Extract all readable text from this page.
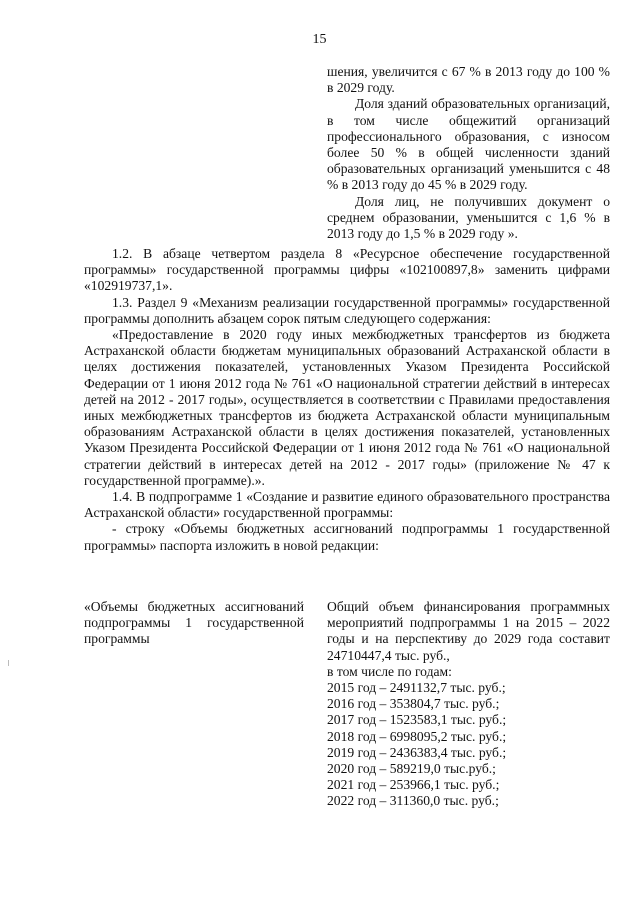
15

шения, увеличится с 67 % в 2013 году до 100 % в 2029 году.

Доля зданий образовательных организаций, в том числе общежитий организаций профессионального образования, с износом более 50 % в общей численности зданий образовательных организаций уменьшится с 48 % в 2013 году до 45 % в 2029 году.

Доля лиц, не получивших документ о среднем образовании, уменьшится с 1,6 % в 2013 году до 1,5 % в 2029 году ».

1.2. В абзаце четвертом раздела 8 «Ресурсное обеспечение государственной программы» государственной программы цифры «102100897,8» заменить цифрами «102919737,1».

1.3. Раздел 9 «Механизм реализации государственной программы» государственной программы дополнить абзацем сорок пятым следующего содержания:

«Предоставление в 2020 году иных межбюджетных трансфертов из бюджета Астраханской области бюджетам муниципальных образований Астраханской области в целях достижения показателей, установленных Указом Президента Российской Федерации от 1 июня 2012 года № 761 «О национальной стратегии действий в интересах детей на 2012 - 2017 годы», осуществляется в соответствии с Правилами предоставления иных межбюджетных трансфертов из бюджета Астраханской области муниципальным образованиям Астраханской области в целях достижения показателей, установленных Указом Президента Российской Федерации от 1 июня 2012 года № 761 «О национальной стратегии действий в интересах детей на 2012 - 2017 годы» (приложение № 47 к государственной программе).».

1.4. В подпрограмме 1 «Создание и развитие единого образовательного пространства Астраханской области» государственной программы:

- строку «Объемы бюджетных ассигнований подпрограммы 1 государственной программы» паспорта изложить в новой редакции:

«Объемы бюджетных ассигнований подпрограммы 1 государственной программы

Общий объем финансирования программных мероприятий подпрограммы 1 на 2015 – 2022 годы и на перспективу до 2029 года составит 24710447,4 тыс. руб.,

в том числе по годам:

2015 год – 2491132,7 тыс. руб.;
2016 год – 353804,7 тыс. руб.;
2017 год – 1523583,1 тыс. руб.;
2018 год – 6998095,2 тыс. руб.;
2019 год – 2436383,4 тыс. руб.;
2020 год – 589219,0 тыс.руб.;
2021 год – 253966,1 тыс. руб.;
2022 год – 311360,0 тыс. руб.;
